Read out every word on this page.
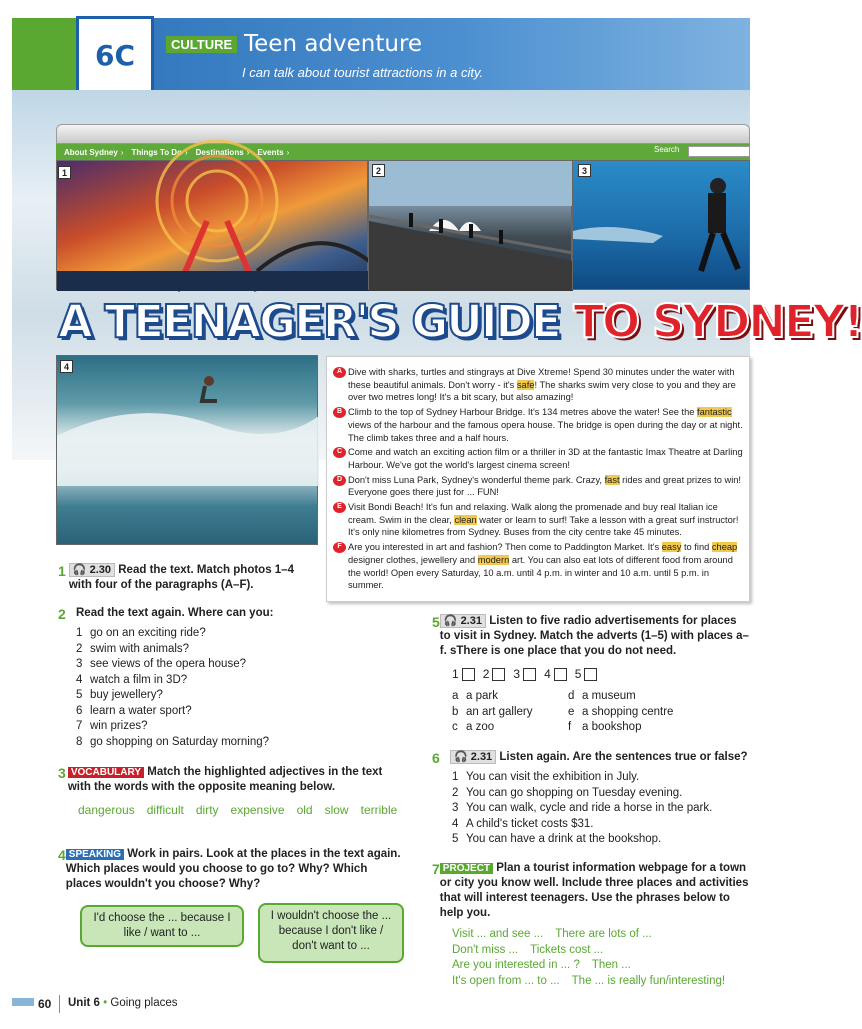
6C	CULTURE Teen adventure
I can talk about tourist attractions in a city.
About Sydney › Things To Do › Destinations › Events ›	Search
1	2	3
4
A TEENAGER'S GUIDE TO SYDNEY!
A Dive with sharks, turtles and stingrays at Dive Xtreme! Spend 30 minutes under the water with these beautiful animals. Don't worry - it's safe! The sharks swim very close to you and they are over two metres long! It's a bit scary, but also amazing!
B Climb to the top of Sydney Harbour Bridge. It's 134 metres above the water! See the fantastic views of the harbour and the famous opera house. The bridge is open during the day or at night. The climb takes three and a half hours.
C Come and watch an exciting action film or a thriller in 3D at the fantastic Imax Theatre at Darling Harbour. We've got the world's largest cinema screen!
D Don't miss Luna Park, Sydney's wonderful theme park. Crazy, fast rides and great prizes to win! Everyone goes there just for ... FUN!
E Visit Bondi Beach! It's fun and relaxing. Walk along the promenade and buy real Italian ice cream. Swim in the clear, clean water or learn to surf! Take a lesson with a great surf instructor! It's only nine kilometres from Sydney. Buses from the city centre take 45 minutes.
F Are you interested in art and fashion? Then come to Paddington Market. It's easy to find cheap designer clothes, jewellery and modern art. You can also eat lots of different food from around the world! Open every Saturday, 10 a.m. until 4 p.m. in winter and 10 a.m. until 5 p.m. in summer.
1 🎧 2.30 Read the text. Match photos 1–4 with four of the paragraphs (A–F).
2 Read the text again. Where can you:
1 go on an exciting ride?
2 swim with animals?
3 see views of the opera house?
4 watch a film in 3D?
5 buy jewellery?
6 learn a water sport?
7 win prizes?
8 go shopping on Saturday morning?
3 VOCABULARY Match the highlighted adjectives in the text with the words with the opposite meaning below.
dangerous difficult dirty expensive old slow terrible
4 SPEAKING Work in pairs. Look at the places in the text again. Which places would you choose to go to? Why? Which places wouldn't you choose? Why?
I'd choose the ... because I like / want to ...
I wouldn't choose the ... because I don't like / don't want to ...
5 🎧 2.31 Listen to five radio advertisements for places to visit in Sydney. Match the adverts (1–5) with places a–f. sThere is one place that you do not need.
1 2 3 4 5
a a park
b an art gallery
c a zoo
d a museum
e a shopping centre
f a bookshop
6	🎧 2.31 Listen again. Are the sentences true or false?
1 You can visit the exhibition in July.
2 You can go shopping on Tuesday evening.
3 You can walk, cycle and ride a horse in the park.
4 A child's ticket costs $31.
5 You can have a drink at the bookshop.
7 PROJECT Plan a tourist information webpage for a town or city you know well. Include three places and activities that will interest teenagers. Use the phrases below to help you.
Visit ... and see ... There are lots of ...
Don't miss ... Tickets cost ...
Are you interested in ... ? Then ...
It's open from ... to ... The ... is really fun/interesting!
60 Unit 6 • Going places
